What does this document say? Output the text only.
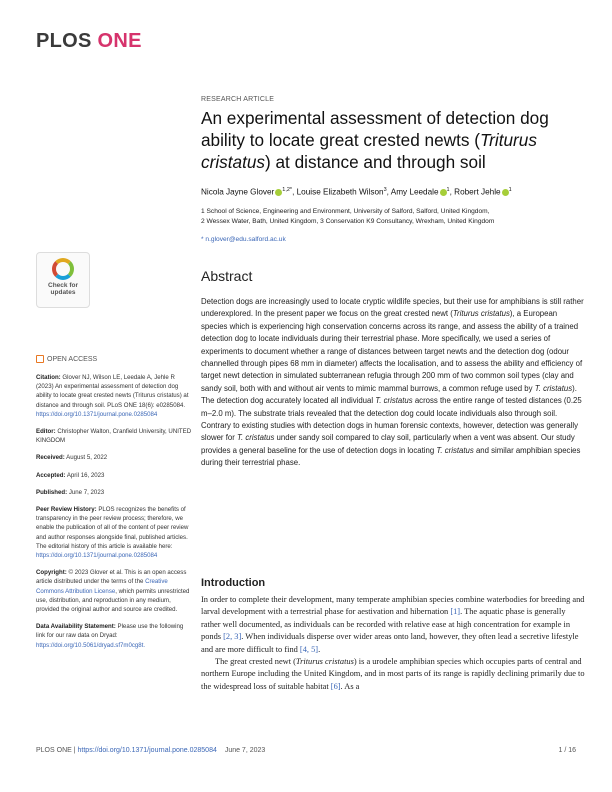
PLOS ONE
RESEARCH ARTICLE
An experimental assessment of detection dog ability to locate great crested newts (Triturus cristatus) at distance and through soil
Nicola Jayne Glover $^{1,2*}$, Louise Elizabeth Wilson$^3$, Amy Leedale $^1$, Robert Jehle $^1$
1 School of Science, Engineering and Environment, University of Salford, Salford, United Kingdom,
2 Wessex Water, Bath, United Kingdom, 3 Conservation K9 Consultancy, Wrexham, United Kingdom
* n.glover@edu.salford.ac.uk
Check for
updates
OPEN ACCESS

Citation: Glover NJ, Wilson LE, Leedale A, Jehle R (2023) An experimental assessment of detection dog ability to locate great crested newts (Triturus cristatus) at distance and through soil. PLoS ONE 18(6): e0285084. https://doi.org/10.1371/journal.pone.0285084

Editor: Christopher Walton, Cranfield University, UNITED KINGDOM

Received: August 5, 2022

Accepted: April 16, 2023

Published: June 7, 2023

Peer Review History: PLOS recognizes the benefits of transparency in the peer review process; therefore, we enable the publication of all of the content of peer review and author responses alongside final, published articles. The editorial history of this article is available here: https://doi.org/10.1371/journal.pone.0285084

Copyright: © 2023 Glover et al. This is an open access article distributed under the terms of the Creative Commons Attribution License, which permits unrestricted use, distribution, and reproduction in any medium, provided the original author and source are credited.

Data Availability Statement: Please use the following link for our raw data on Dryad: https://doi.org/10.5061/dryad.sf7m0cg8t.

Abstract
Detection dogs are increasingly used to locate cryptic wildlife species, but their use for amphibians is still rather underexplored. In the present paper we focus on the great crested newt (Triturus cristatus), a European species which is experiencing high conservation concerns across its range, and assess the ability of a trained detection dog to locate individuals during their terrestrial phase. More specifically, we used a series of experiments to document whether a range of distances between target newts and the detection dog (odour channelled through pipes 68 mm in diameter) affects the localisation, and to assess the ability and efficiency of target newt detection in simulated subterranean refugia through 200 mm of two common soil types (clay and sandy soil, both with and without air vents to mimic mammal burrows, a common refuge used by T. cristatus). The detection dog accurately located all individual T. cristatus across the entire range of tested distances (0.25 m–2.0 m). The substrate trials revealed that the detection dog could locate individuals also through soil. Contrary to existing studies with detection dogs in human forensic contexts, however, detection was generally slower for T. cristatus under sandy soil compared to clay soil, particularly when a vent was absent. Our study provides a general baseline for the use of detection dogs in locating T. cristatus and similar amphibian species during their terrestrial phase.
Introduction

In order to complete their development, many temperate amphibian species combine waterbodies for breeding and larval development with a terrestrial phase for aestivation and hibernation [1]. The aquatic phase is generally rather well documented, as individuals can be recorded with relative ease at high concentration for example in ponds [2, 3]. When individuals disperse over wider areas onto land, however, they often lead a secretive lifestyle and are more difficult to find [4, 5].

The great crested newt (Triturus cristatus) is a urodele amphibian species which occupies parts of central and northern Europe including the United Kingdom, and in most parts of its range is rapidly declining primarily due to the widespread loss of suitable habitat [6]. As a

PLOS ONE | https://doi.org/10.1371/journal.pone.0285084 June 7, 2023	1 / 16
